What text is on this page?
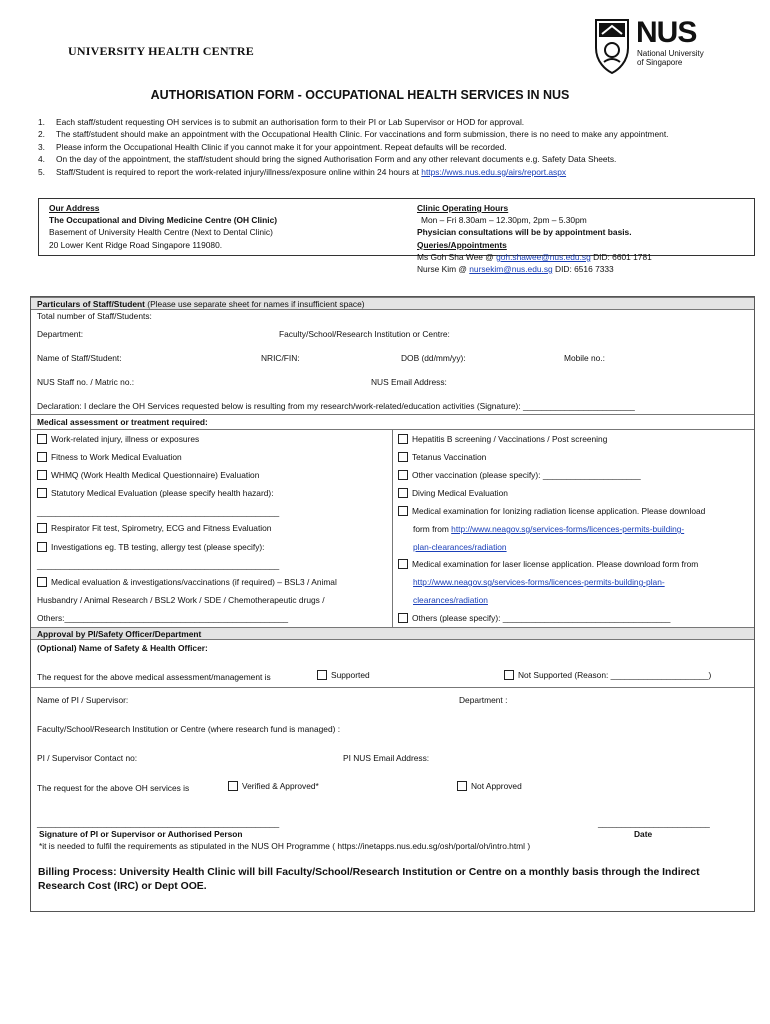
UNIVERSITY HEALTH CENTRE
NUS
National University
of Singapore
AUTHORISATION FORM - OCCUPATIONAL HEALTH SERVICES IN NUS
1. Each staff/student requesting OH services is to submit an authorisation form to their PI or Lab Supervisor or HOD for approval.
2. The staff/student should make an appointment with the Occupational Health Clinic. For vaccinations and form submission, there is no need to make any appointment.
3. Please inform the Occupational Health Clinic if you cannot make it for your appointment. Repeat defaults will be recorded.
4. On the day of the appointment, the staff/student should bring the signed Authorisation Form and any other relevant documents e.g. Safety Data Sheets.
5. Staff/Student is required to report the work-related injury/illness/exposure online within 24 hours at https://wws.nus.edu.sg/airs/report.aspx
Our Address
The Occupational and Diving Medicine Centre (OH Clinic)
Basement of University Health Centre (Next to Dental Clinic)
20 Lower Kent Ridge Road Singapore 119080.
Clinic Operating Hours
Mon – Fri 8.30am – 12.30pm, 2pm – 5.30pm
Physician consultations will be by appointment basis.
Queries/Appointments
Ms Goh Sha Wee @ goh.shawee@nus.edu.sg DID: 6601 1781
Nurse Kim @ nursekim@nus.edu.sg DID: 6516 7333
Particulars of Staff/Student (Please use separate sheet for names if insufficient space)
Total number of Staff/Students:
Department:	Faculty/School/Research Institution or Centre:
Name of Staff/Student:	NRIC/FIN:	DOB (dd/mm/yy):	Mobile no.:
NUS Staff no. / Matric no.:	NUS Email Address:
Declaration: I declare the OH Services requested below is resulting from my research/work-related/education activities (Signature): ________________________
Medical assessment or treatment required:
Work-related injury, illness or exposures
Fitness to Work Medical Evaluation
WHMQ (Work Health Medical Questionnaire) Evaluation
Statutory Medical Evaluation (please specify health hazard):
____________________________________________________
Respirator Fit test, Spirometry, ECG and Fitness Evaluation
Investigations eg. TB testing, allergy test (please specify):
____________________________________________________
Medical evaluation & investigations/vaccinations (if required) – BSL3 / Animal
Husbandry / Animal Research / BSL2 Work / SDE / Chemotherapeutic drugs /
Others:________________________________________________
Hepatitis B screening / Vaccinations / Post screening
Tetanus Vaccination
Other vaccination (please specify): _____________________
Diving Medical Evaluation
Medical examination for Ionizing radiation license application. Please download
form from http://www.neagov.sg/services-forms/licences-permits-building-
plan-clearances/radiation
Medical examination for laser license application. Please download form from
http://www.neagov.sg/services-forms/licences-permits-building-plan-
clearances/radiation
Others (please specify): ____________________________________
Approval by PI/Safety Officer/Department
(Optional) Name of Safety & Health Officer:
The request for the above medical assessment/management is	Supported	Not Supported (Reason: _____________________)
Name of PI / Supervisor:	Department :
Faculty/School/Research Institution or Centre (where research fund is managed) :
PI / Supervisor Contact no:	PI NUS Email Address:
The request for the above OH services is	Verified & Approved*	Not Approved
____________________________________________________	________________________
Signature of PI or Supervisor or Authorised Person	Date
*it is needed to fulfil the requirements as stipulated in the NUS OH Programme ( https://inetapps.nus.edu.sg/osh/portal/oh/intro.html )
Billing Process: University Health Clinic will bill Faculty/School/Research Institution or Centre on a monthly basis through the Indirect Research Cost (IRC) or Dept OOE.
